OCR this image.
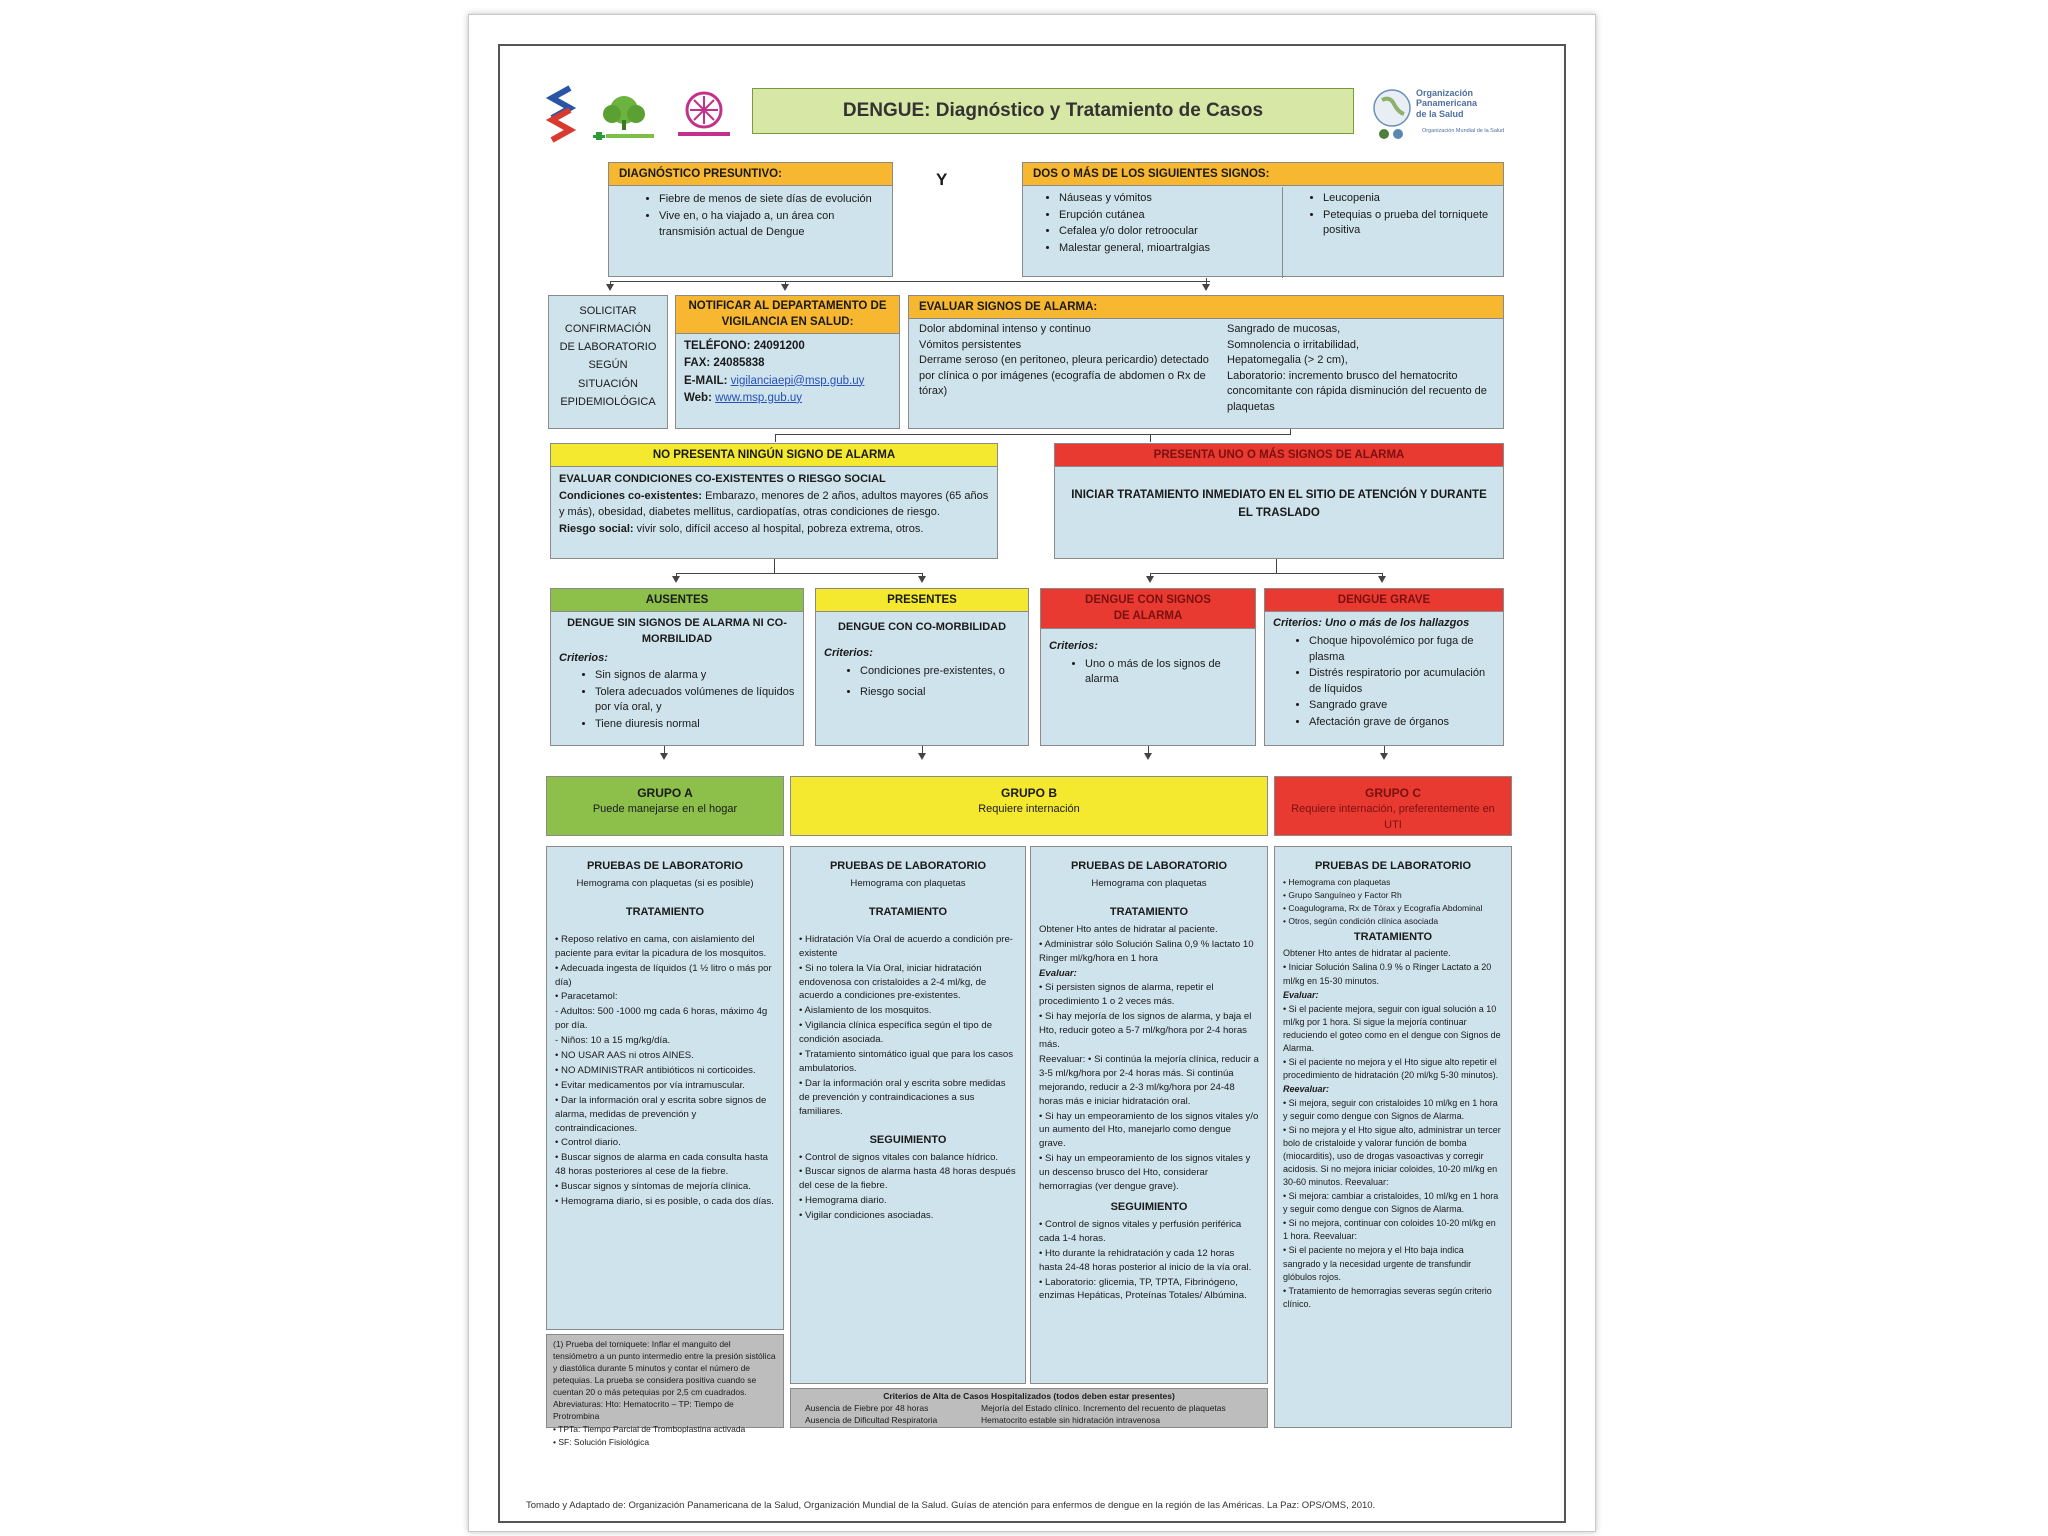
Organización
Panamericana
de la Salud
Organización Mundial de la Salud
DENGUE: Diagnóstico y Tratamiento de Casos
DIAGNÓSTICO PRESUNTIVO:
• Fiebre de menos de siete días de evolución
• Vive en, o ha viajado a, un área con transmisión actual de Dengue
Y	DOS O MÁS DE LOS SIGUIENTES SIGNOS:
• Náuseas y vómitos
• Erupción cutánea
• Cefalea y/o dolor retroocular
• Malestar general, mioartralgias
• Leucopenia
• Petequias o prueba del torniquete positiva
SOLICITAR
CONFIRMACIÓN
DE LABORATORIO
SEGÚN
SITUACIÓN
EPIDEMIOLÓGICA
NOTIFICAR AL DEPARTAMENTO DE VIGILANCIA EN SALUD:
TELÉFONO: 24091200
FAX: 24085838
E-MAIL: vigilanciaepi@msp.gub.uy
Web: www.msp.gub.uy
EVALUAR SIGNOS DE ALARMA:
Dolor abdominal intenso y continuo
Vómitos persistentes
Derrame seroso (en peritoneo, pleura pericardio) detectado por clínica o por imágenes (ecografía de abdomen o Rx de tórax)
Sangrado de mucosas,
Somnolencia o irritabilidad,
Hepatomegalia (> 2 cm),
Laboratorio: incremento brusco del hematocrito concomitante con rápida disminución del recuento de plaquetas
NO PRESENTA NINGÚN SIGNO DE ALARMA
EVALUAR CONDICIONES CO-EXISTENTES O RIESGO SOCIAL
Condiciones co-existentes: Embarazo, menores de 2 años, adultos mayores (65 años y más), obesidad, diabetes mellitus, cardiopatías, otras condiciones de riesgo.
Riesgo social: vivir solo, difícil acceso al hospital, pobreza extrema, otros.
PRESENTA UNO O MÁS SIGNOS DE ALARMA
INICIAR TRATAMIENTO INMEDIATO EN EL SITIO DE ATENCIÓN Y DURANTE EL TRASLADO
AUSENTES
DENGUE SIN SIGNOS DE ALARMA NI CO-MORBILIDAD
Criterios:
• Sin signos de alarma y
• Tolera adecuados volúmenes de líquidos por vía oral, y
• Tiene diuresis normal
PRESENTES
DENGUE CON CO-MORBILIDAD
Criterios:
• Condiciones pre-existentes, o
• Riesgo social
DENGUE CON SIGNOS DE ALARMA
Criterios:
• Uno o más de los signos de alarma
DENGUE GRAVE
Criterios: Uno o más de los hallazgos
• Choque hipovolémico por fuga de plasma
• Distrés respiratorio por acumulación de líquidos
• Sangrado grave
• Afectación grave de órganos
GRUPO A
Puede manejarse en el hogar
GRUPO B
Requiere internación
GRUPO C
Requiere internación, preferentemente en UTI
PRUEBAS DE LABORATORIO
Hemograma con plaquetas (si es posible)
TRATAMIENTO
• Reposo relativo en cama, con aislamiento del paciente para evitar la picadura de los mosquitos.
• Adecuada ingesta de líquidos (1 ½ litro o más por día)
• Paracetamol:
- Adultos: 500 -1000 mg cada 6 horas, máximo 4g por día.
- Niños: 10 a 15 mg/kg/día.
• NO USAR AAS ni otros AINES.
• NO ADMINISTRAR antibióticos ni corticoides.
• Evitar medicamentos por vía intramuscular.
• Dar la información oral y escrita sobre signos de alarma, medidas de prevención y contraindicaciones.
• Control diario.
• Buscar signos de alarma en cada consulta hasta 48 horas posteriores al cese de la fiebre.
• Buscar signos y síntomas de mejoría clínica.
• Hemograma diario, si es posible, o cada dos días.
(1) Prueba del torniquete: Inflar el manguito del tensiómetro a un punto intermedio entre la presión sistólica y diastólica durante 5 minutos y contar el número de petequias. La prueba se considera positiva cuando se cuentan 20 o más petequias por 2,5 cm cuadrados.
Abreviaturas: Hto: Hematocrito – TP: Tiempo de Protrombina
• TPTa: Tiempo Parcial de Tromboplastina activada
• SF: Solución Fisiológica
PRUEBAS DE LABORATORIO
Hemograma con plaquetas
TRATAMIENTO
• Hidratación Vía Oral de acuerdo a condición pre-existente
• Si no tolera la Vía Oral, iniciar hidratación endovenosa con cristaloides a 2-4 ml/kg, de acuerdo a condiciones pre-existentes.
• Aislamiento de los mosquitos.
• Vigilancia clínica específica según el tipo de condición asociada.
• Tratamiento sintomático igual que para los casos ambulatorios.
• Dar la información oral y escrita sobre medidas de prevención y contraindicaciones a sus familiares.
SEGUIMIENTO
• Control de signos vitales con balance hídrico.
• Buscar signos de alarma hasta 48 horas después del cese de la fiebre.
• Hemograma diario.
• Vigilar condiciones asociadas.
PRUEBAS DE LABORATORIO
Hemograma con plaquetas
TRATAMIENTO
Obtener Hto antes de hidratar al paciente.
• Administrar sólo Solución Salina 0,9 % lactato 10 Ringer ml/kg/hora en 1 hora
Evaluar:
• Si persisten signos de alarma, repetir el procedimiento 1 o 2 veces más.
• Si hay mejoría de los signos de alarma, y baja el Hto, reducir goteo a 5-7 ml/kg/hora por 2-4 horas más.
Reevaluar: • Si continúa la mejoría clínica, reducir a 3-5 ml/kg/hora por 2-4 horas más. Si continúa mejorando, reducir a 2-3 ml/kg/hora por 24-48 horas más e iniciar hidratación oral.
• Si hay un empeoramiento de los signos vitales y/o un aumento del Hto, manejarlo como dengue grave.
• Si hay un empeoramiento de los signos vitales y un descenso brusco del Hto, considerar hemorragias (ver dengue grave).
SEGUIMIENTO
• Control de signos vitales y perfusión periférica cada 1-4 horas.
• Hto durante la rehidratación y cada 12 horas hasta 24-48 horas posterior al inicio de la vía oral.
• Laboratorio: glicemia, TP, TPTA, Fibrinógeno, enzimas Hepáticas, Proteínas Totales/ Albúmina.
Criterios de Alta de Casos Hospitalizados (todos deben estar presentes)
Ausencia de Fiebre por 48 horas
Ausencia de Dificultad Respiratoria
Mejoría del Estado clínico. Incremento del recuento de plaquetas
Hematocrito estable sin hidratación intravenosa
PRUEBAS DE LABORATORIO
• Hemograma con plaquetas
• Grupo Sanguíneo y Factor Rh
• Coagulograma, Rx de Tórax y Ecografía Abdominal
• Otros, según condición clínica asociada
TRATAMIENTO
Obtener Hto antes de hidratar al paciente.
• Iniciar Solución Salina 0.9 % o Ringer Lactato a 20 ml/kg en 15-30 minutos.
Evaluar:
• Si el paciente mejora, seguir con igual solución a 10 ml/kg por 1 hora. Si sigue la mejoría continuar reduciendo el goteo como en el dengue con Signos de Alarma.
• Si el paciente no mejora y el Hto sigue alto repetir el procedimiento de hidratación (20 ml/kg 5-30 minutos).
Reevaluar:
• Si mejora, seguir con cristaloides 10 ml/kg en 1 hora y seguir como dengue con Signos de Alarma.
• Si no mejora y el Hto sigue alto, administrar un tercer bolo de cristaloide y valorar función de bomba (miocarditis), uso de drogas vasoactivas y corregir acidosis. Si no mejora iniciar coloides, 10-20 ml/kg en 30-60 minutos. Reevaluar:
• Si mejora: cambiar a cristaloides, 10 ml/kg en 1 hora y seguir como dengue con Signos de Alarma.
• Si no mejora, continuar con coloides 10-20 ml/kg en 1 hora. Reevaluar:
• Si el paciente no mejora y el Hto baja indica sangrado y la necesidad urgente de transfundir glóbulos rojos.
• Tratamiento de hemorragias severas según criterio clínico.
Tomado y Adaptado de: Organización Panamericana de la Salud, Organización Mundial de la Salud. Guías de atención para enfermos de dengue en la región de las Américas. La Paz: OPS/OMS, 2010.
